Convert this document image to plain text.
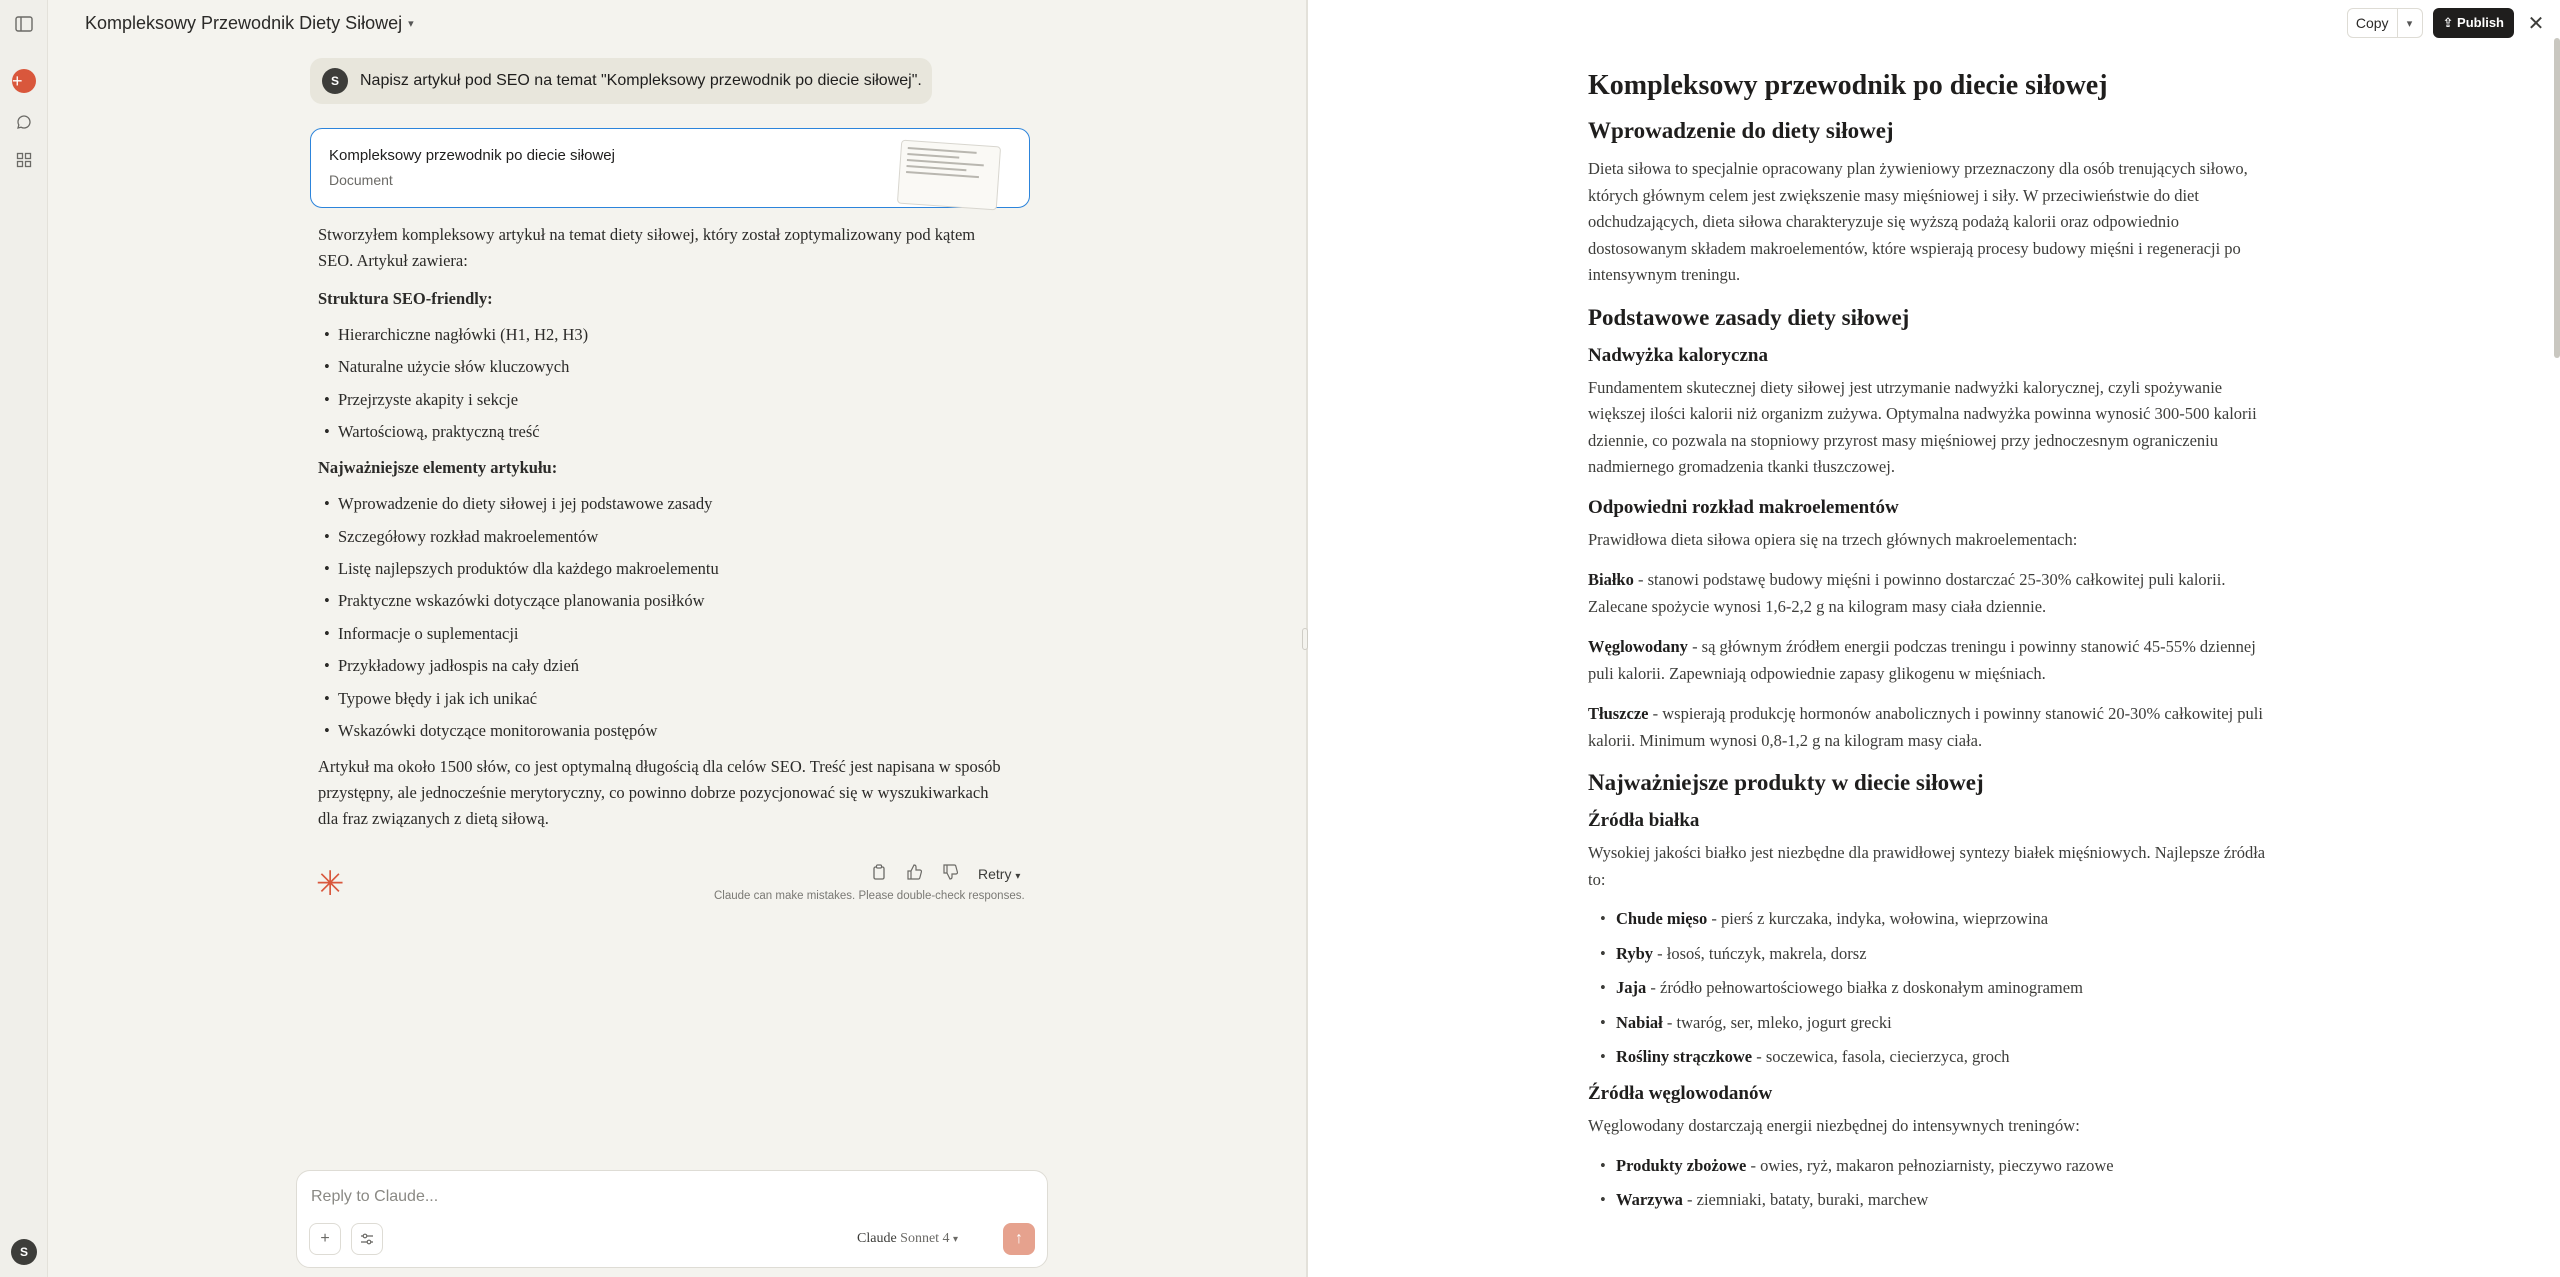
+
S
Kompleksowy Przewodnik Diety Siłowej ▾
S	Napisz artykuł pod SEO na temat "Kompleksowy przewodnik po diecie siłowej".
Kompleksowy przewodnik po diecie siłowej
Document

Stworzyłem kompleksowy artykuł na temat diety siłowej, który został zoptymalizowany pod kątem SEO. Artykuł zawiera:

Struktura SEO-friendly:
• Hierarchiczne nagłówki (H1, H2, H3)
• Naturalne użycie słów kluczowych
• Przejrzyste akapity i sekcje
• Wartościową, praktyczną treść
Najważniejsze elementy artykułu:
• Wprowadzenie do diety siłowej i jej podstawowe zasady
• Szczegółowy rozkład makroelementów
• Listę najlepszych produktów dla każdego makroelementu
• Praktyczne wskazówki dotyczące planowania posiłków
• Informacje o suplementacji
• Przykładowy jadłospis na cały dzień
• Typowe błędy i jak ich unikać
• Wskazówki dotyczące monitorowania postępów

Artykuł ma około 1500 słów, co jest optymalną długością dla celów SEO. Treść jest napisana w sposób przystępny, ale jednocześnie merytoryczny, co powinno dobrze pozycjonować się w wyszukiwarkach dla fraz związanych z dietą siłową.

✳	Retry ▾
Claude can make mistakes. Please double-check responses.
Reply to Claude...
+	Claude Sonnet 4 ▾	↑
Copy	▾	⇪ Publish	✕
Kompleksowy przewodnik po diecie siłowej
Wprowadzenie do diety siłowej

Dieta siłowa to specjalnie opracowany plan żywieniowy przeznaczony dla osób trenujących siłowo, których głównym celem jest zwiększenie masy mięśniowej i siły. W przeciwieństwie do diet odchudzających, dieta siłowa charakteryzuje się wyższą podażą kalorii oraz odpowiednio dostosowanym składem makroelementów, które wspierają procesy budowy mięśni i regeneracji po intensywnym treningu.

Podstawowe zasady diety siłowej
Nadwyżka kaloryczna

Fundamentem skutecznej diety siłowej jest utrzymanie nadwyżki kalorycznej, czyli spożywanie większej ilości kalorii niż organizm zużywa. Optymalna nadwyżka powinna wynosić 300-500 kalorii dziennie, co pozwala na stopniowy przyrost masy mięśniowej przy jednoczesnym ograniczeniu nadmiernego gromadzenia tkanki tłuszczowej.

Odpowiedni rozkład makroelementów

Prawidłowa dieta siłowa opiera się na trzech głównych makroelementach:

Białko - stanowi podstawę budowy mięśni i powinno dostarczać 25-30% całkowitej puli kalorii. Zalecane spożycie wynosi 1,6-2,2 g na kilogram masy ciała dziennie.

Węglowodany - są głównym źródłem energii podczas treningu i powinny stanowić 45-55% dziennej puli kalorii. Zapewniają odpowiednie zapasy glikogenu w mięśniach.

Tłuszcze - wspierają produkcję hormonów anabolicznych i powinny stanowić 20-30% całkowitej puli kalorii. Minimum wynosi 0,8-1,2 g na kilogram masy ciała.

Najważniejsze produkty w diecie siłowej
Źródła białka

Wysokiej jakości białko jest niezbędne dla prawidłowej syntezy białek mięśniowych. Najlepsze źródła to:

• Chude mięso - pierś z kurczaka, indyka, wołowina, wieprzowina
• Ryby - łosoś, tuńczyk, makrela, dorsz
• Jaja - źródło pełnowartościowego białka z doskonałym aminogramem
• Nabiał - twaróg, ser, mleko, jogurt grecki
• Rośliny strączkowe - soczewica, fasola, ciecierzyca, groch
Źródła węglowodanów

Węglowodany dostarczają energii niezbędnej do intensywnych treningów:

• Produkty zbożowe - owies, ryż, makaron pełnoziarnisty, pieczywo razowe
• Warzywa - ziemniaki, bataty, buraki, marchew
